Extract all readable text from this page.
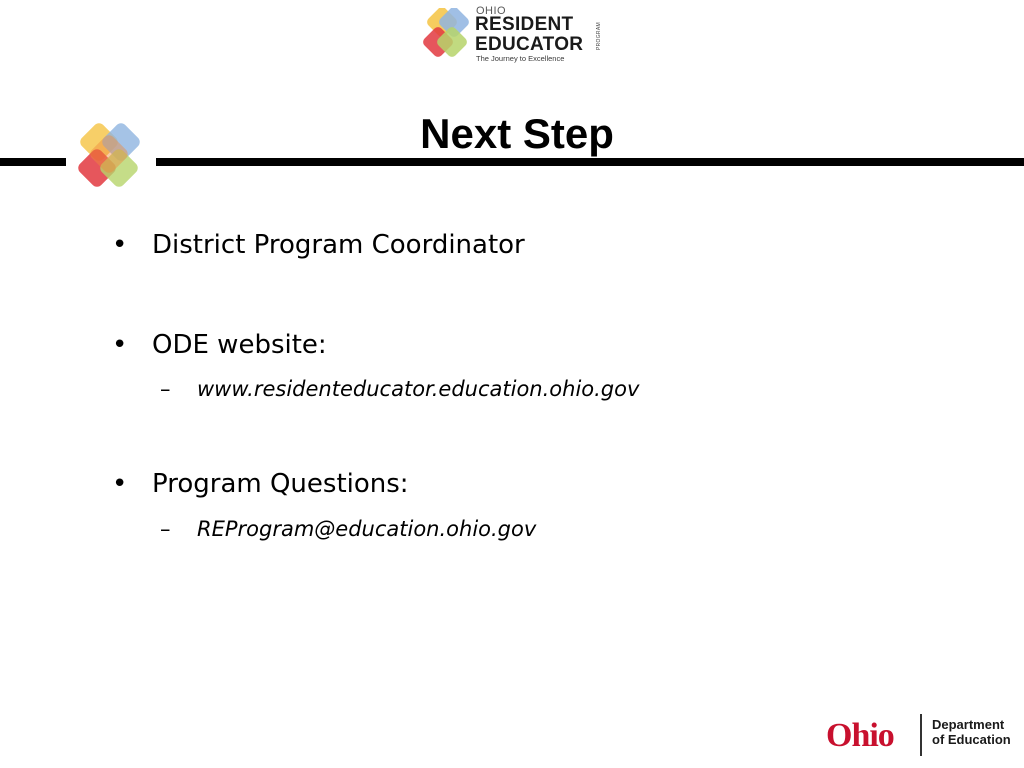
OHIO
RESIDENT
EDUCATOR
The Journey to Excellence
PROGRAM
Next Step
• District Program Coordinator
• ODE website:
– www.residenteducator.education.ohio.gov
• Program Questions:
– REProgram@education.ohio.gov
Ohio	Department
of Education
